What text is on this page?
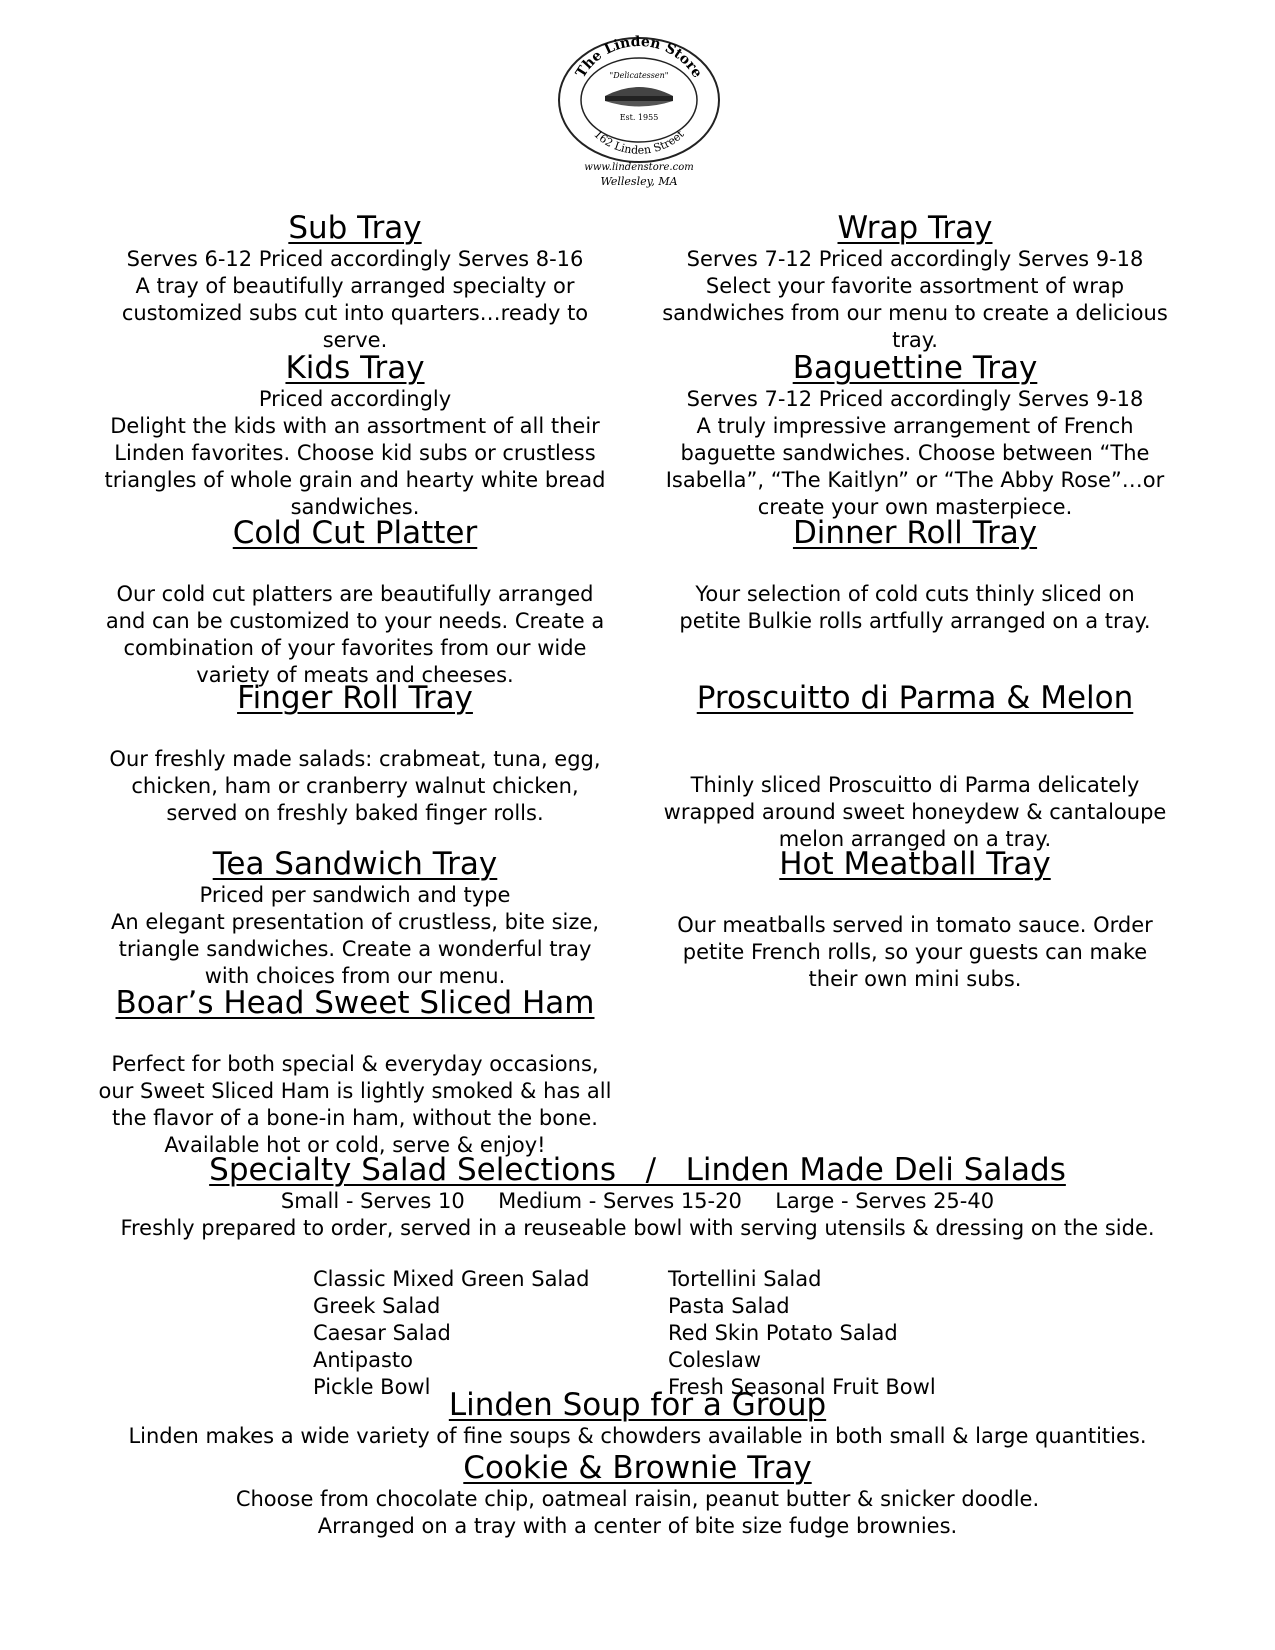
The Linden Store
162 Linden Street
"Delicatessen"
Est. 1955
www.lindenstore.com
Wellesley, MA
Sub Tray
Serves 6-12 Priced accordingly Serves 8-16
A tray of beautifully arranged specialty or
customized subs cut into quarters…ready to
serve.
Kids Tray
Priced accordingly
Delight the kids with an assortment of all their
Linden favorites. Choose kid subs or crustless
triangles of whole grain and hearty white bread
sandwiches.
Cold Cut Platter
Our cold cut platters are beautifully arranged
and can be customized to your needs. Create a
combination of your favorites from our wide
variety of meats and cheeses.
Finger Roll Tray
Our freshly made salads: crabmeat, tuna, egg,
chicken, ham or cranberry walnut chicken,
served on freshly baked finger rolls.
Tea Sandwich Tray
Priced per sandwich and type
An elegant presentation of crustless, bite size,
triangle sandwiches. Create a wonderful tray
with choices from our menu.
Boar’s Head Sweet Sliced Ham
Perfect for both special & everyday occasions,
our Sweet Sliced Ham is lightly smoked & has all
the flavor of a bone-in ham, without the bone.
Available hot or cold, serve & enjoy!
Wrap Tray
Serves 7-12 Priced accordingly Serves 9-18
Select your favorite assortment of wrap
sandwiches from our menu to create a delicious
tray.
Baguettine Tray
Serves 7-12 Priced accordingly Serves 9-18
A truly impressive arrangement of French
baguette sandwiches. Choose between “The
Isabella”, “The Kaitlyn” or “The Abby Rose”…or
create your own masterpiece.
Dinner Roll Tray
Your selection of cold cuts thinly sliced on
petite Bulkie rolls artfully arranged on a tray.
Proscuitto di Parma & Melon
Thinly sliced Proscuitto di Parma delicately
wrapped around sweet honeydew & cantaloupe
melon arranged on a tray.
Hot Meatball Tray
Our meatballs served in tomato sauce. Order
petite French rolls, so your guests can make
their own mini subs.
Specialty Salad Selections   /   Linden Made Deli Salads
Small - Serves 10     Medium - Serves 15-20     Large - Serves 25-40
Freshly prepared to order, served in a reuseable bowl with serving utensils & dressing on the side.
Classic Mixed Green Salad
Greek Salad
Caesar Salad
Antipasto
Pickle Bowl
Tortellini Salad
Pasta Salad
Red Skin Potato Salad
Coleslaw
Fresh Seasonal Fruit Bowl
Linden Soup for a Group
Linden makes a wide variety of fine soups & chowders available in both small & large quantities.
Cookie & Brownie Tray
Choose from chocolate chip, oatmeal raisin, peanut butter & snicker doodle.
Arranged on a tray with a center of bite size fudge brownies.
